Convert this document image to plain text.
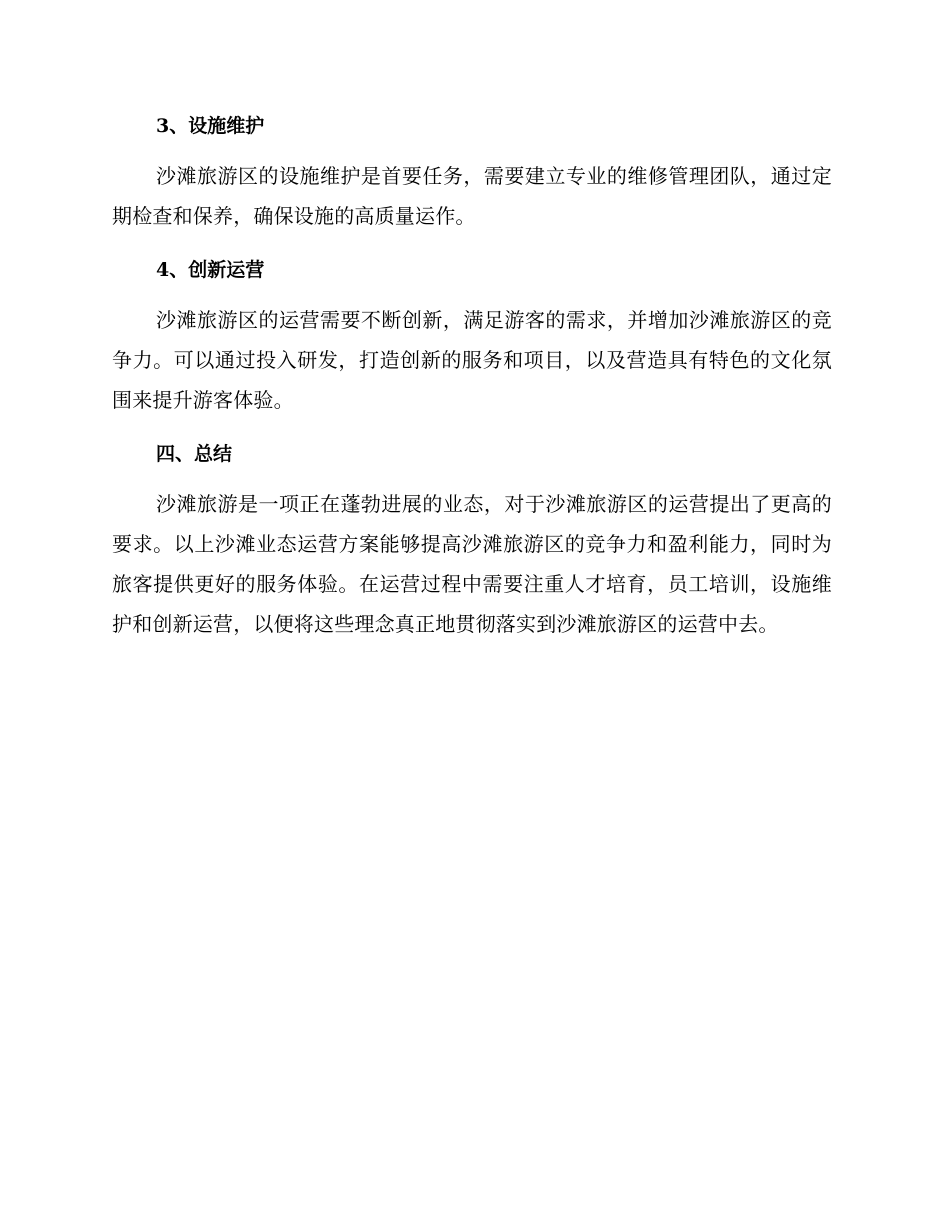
3、设施维护

沙滩旅游区的设施维护是首要任务，需要建立专业的维修管理团队，通过定期检查和保养，确保设施的高质量运作。

4、创新运营

沙滩旅游区的运营需要不断创新，满足游客的需求，并增加沙滩旅游区的竞争力。可以通过投入研发，打造创新的服务和项目，以及营造具有特色的文化氛围来提升游客体验。

四、总结

沙滩旅游是一项正在蓬勃进展的业态，对于沙滩旅游区的运营提出了更高的要求。以上沙滩业态运营方案能够提高沙滩旅游区的竞争力和盈利能力，同时为旅客提供更好的服务体验。在运营过程中需要注重人才培育，员工培训，设施维护和创新运营，以便将这些理念真正地贯彻落实到沙滩旅游区的运营中去。
